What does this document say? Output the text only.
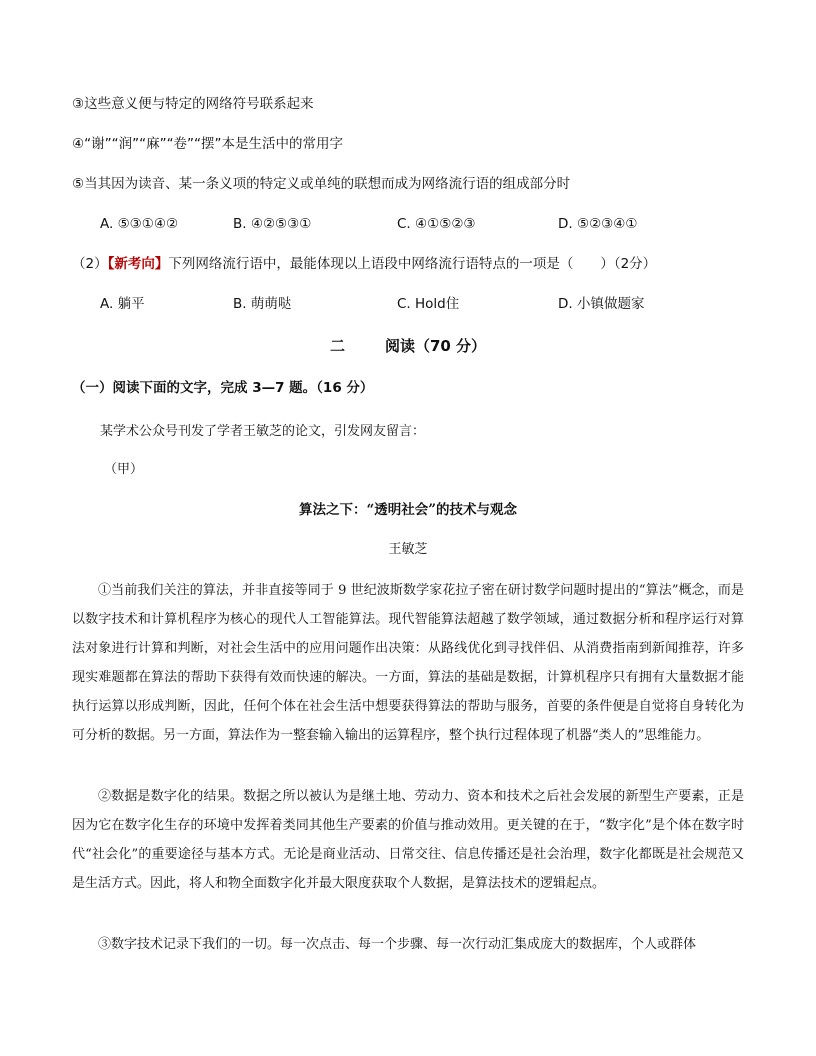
③这些意义便与特定的网络符号联系起来
④“谢”“润”“麻”“卷”“摆”本是生活中的常用字
⑤当其因为读音、某一条义项的特定义或单纯的联想而成为网络流行语的组成部分时
A. ⑤③①④②	B. ④②⑤③①	C. ④①⑤②③	D. ⑤②③④①
（2）【新考向】下列网络流行语中，最能体现以上语段中网络流行语特点的一项是（　　）（2分）
A. 躺平	B. 萌萌哒	C. Hold住	D. 小镇做题家
二	阅读（70 分）
（一）阅读下面的文字，完成 3—7 题。（16 分）
某学术公众号刊发了学者王敏芝的论文，引发网友留言：
（甲）
算法之下：“透明社会”的技术与观念
王敏芝
①当前我们关注的算法，并非直接等同于 9 世纪波斯数学家花拉子密在研讨数学问题时提出的“算法”概念，而是以数字技术和计算机程序为核心的现代人工智能算法。现代智能算法超越了数学领域，通过数据分析和程序运行对算法对象进行计算和判断，对社会生活中的应用问题作出决策：从路线优化到寻找伴侣、从消费指南到新闻推荐，许多现实难题都在算法的帮助下获得有效而快速的解决。一方面，算法的基础是数据，计算机程序只有拥有大量数据才能执行运算以形成判断，因此，任何个体在社会生活中想要获得算法的帮助与服务，首要的条件便是自觉将自身转化为可分析的数据。另一方面，算法作为一整套输入输出的运算程序，整个执行过程体现了机器“类人的”思维能力。
②数据是数字化的结果。数据之所以被认为是继土地、劳动力、资本和技术之后社会发展的新型生产要素，正是因为它在数字化生存的环境中发挥着类同其他生产要素的价值与推动效用。更关键的在于，“数字化”是个体在数字时代“社会化”的重要途径与基本方式。无论是商业活动、日常交往、信息传播还是社会治理，数字化都既是社会规范又是生活方式。因此，将人和物全面数字化并最大限度获取个人数据，是算法技术的逻辑起点。
③数字技术记录下我们的一切。每一次点击、每一个步骤、每一次行动汇集成庞大的数据库，个人或群体
